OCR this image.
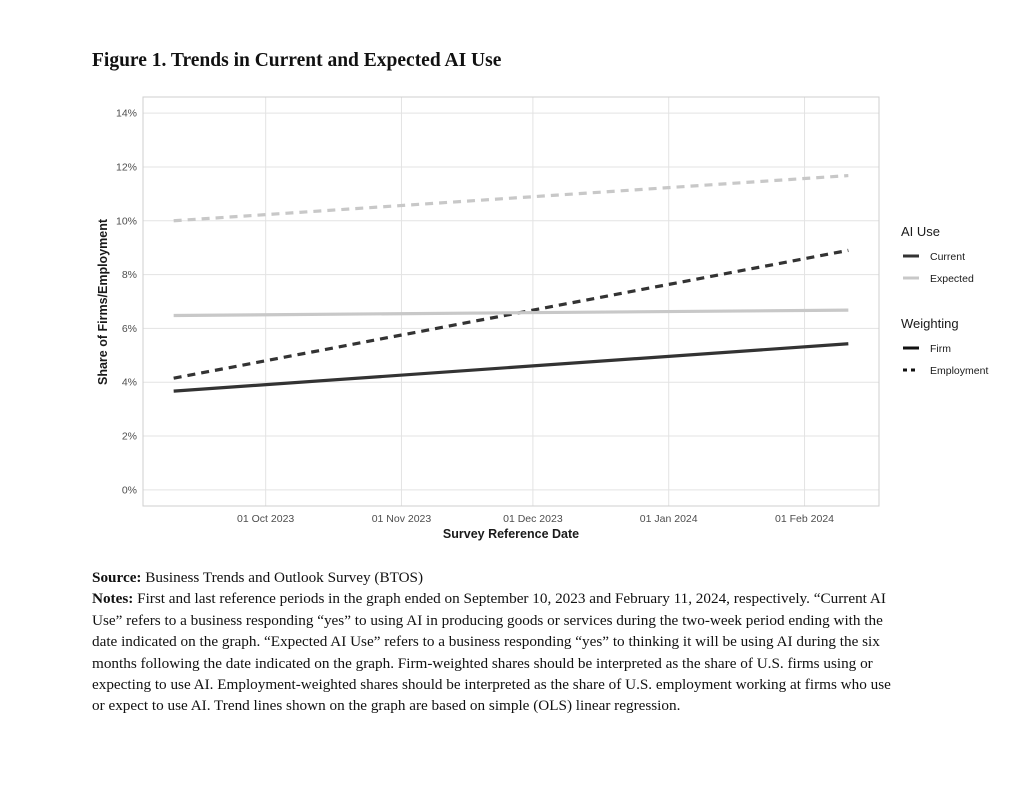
Figure 1. Trends in Current and Expected AI Use
0%
2%
4%
6%
8%
10%
12%
14%
01 Oct 2023	01 Nov 2023	01 Dec 2023	01 Jan 2024	01 Feb 2024
Share of Firms/Employment
Survey Reference Date
AI Use
Current
Expected
Weighting
Firm
Employment

Source: Business Trends and Outlook Survey (BTOS)

Notes: First and last reference periods in the graph ended on September 10, 2023 and February 11, 2024, respectively. “Current AI Use” refers to a business responding “yes” to using AI in producing goods or services during the two-week period ending with the date indicated on the graph. “Expected AI Use” refers to a business responding “yes” to thinking it will be using AI during the six months following the date indicated on the graph. Firm-weighted shares should be interpreted as the share of U.S. firms using or expecting to use AI. Employment-weighted shares should be interpreted as the share of U.S. employment working at firms who use or expect to use AI. Trend lines shown on the graph are based on simple (OLS) linear regression.
